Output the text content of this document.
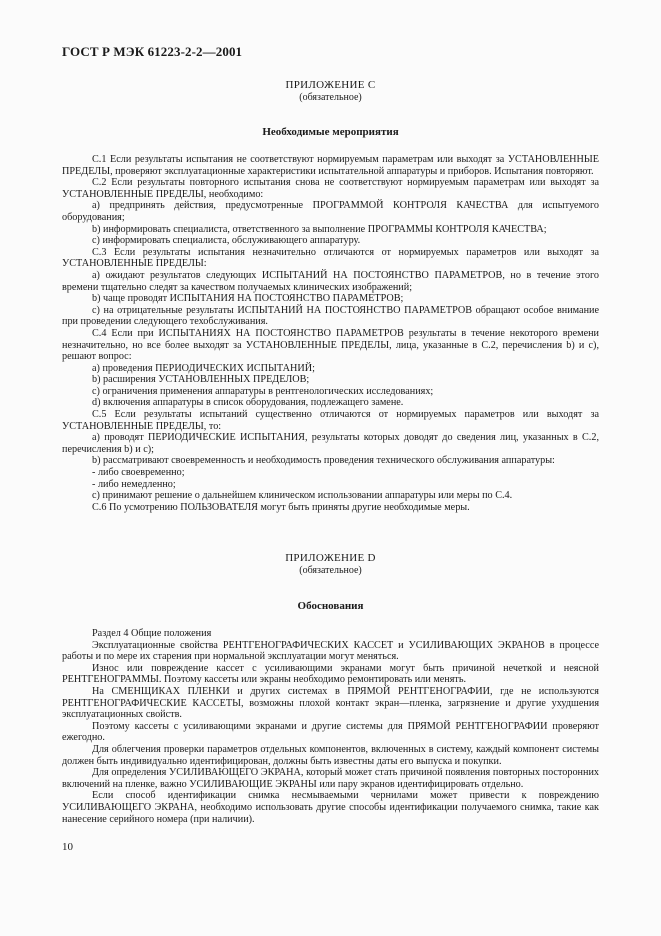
ГОСТ Р МЭК 61223-2-2—2001
ПРИЛОЖЕНИЕ С
(обязательное)
Необходимые мероприятия

С.1 Если результаты испытания не соответствуют нормируемым параметрам или выходят за УСТАНОВЛЕННЫЕ ПРЕДЕЛЫ, проверяют эксплуатационные характеристики испытательной аппаратуры и приборов. Испытания повторяют.

С.2 Если результаты повторного испытания снова не соответствуют нормируемым параметрам или выходят за УСТАНОВЛЕННЫЕ ПРЕДЕЛЫ, необходимо:

а) предпринять действия, предусмотренные ПРОГРАММОЙ КОНТРОЛЯ КАЧЕСТВА для испытуемого оборудования;

b) информировать специалиста, ответственного за выполнение ПРОГРАММЫ КОНТРОЛЯ КАЧЕСТВА;

с) информировать специалиста, обслуживающего аппаратуру.

С.3 Если результаты испытания незначительно отличаются от нормируемых параметров или выходят за УСТАНОВЛЕННЫЕ ПРЕДЕЛЫ:

а) ожидают результатов следующих ИСПЫТАНИЙ НА ПОСТОЯНСТВО ПАРАМЕТРОВ, но в течение этого времени тщательно следят за качеством получаемых клинических изображений;

b) чаще проводят ИСПЫТАНИЯ НА ПОСТОЯНСТВО ПАРАМЕТРОВ;

с) на отрицательные результаты ИСПЫТАНИЙ НА ПОСТОЯНСТВО ПАРАМЕТРОВ обращают особое внимание при проведении следующего техобслуживания.

С.4 Если при ИСПЫТАНИЯХ НА ПОСТОЯНСТВО ПАРАМЕТРОВ результаты в течение некоторого времени незначительно, но все более выходят за УСТАНОВЛЕННЫЕ ПРЕДЕЛЫ, лица, указанные в С.2, перечисления b) и с), решают вопрос:

а) проведения ПЕРИОДИЧЕСКИХ ИСПЫТАНИЙ;

b) расширения УСТАНОВЛЕННЫХ ПРЕДЕЛОВ;

с) ограничения применения аппаратуры в рентгенологических исследованиях;

d) включения аппаратуры в список оборудования, подлежащего замене.

С.5 Если результаты испытаний существенно отличаются от нормируемых параметров или выходят за УСТАНОВЛЕННЫЕ ПРЕДЕЛЫ, то:

а) проводят ПЕРИОДИЧЕСКИЕ ИСПЫТАНИЯ, результаты которых доводят до сведения лиц, указанных в С.2, перечисления b) и с);

b) рассматривают своевременность и необходимость проведения технического обслуживания аппаратуры:

- либо своевременно;

- либо немедленно;

с) принимают решение о дальнейшем клиническом использовании аппаратуры или меры по С.4.

С.6 По усмотрению ПОЛЬЗОВАТЕЛЯ могут быть приняты другие необходимые меры.

ПРИЛОЖЕНИЕ D
(обязательное)
Обоснования

Раздел 4 Общие положения

Эксплуатационные свойства РЕНТГЕНОГРАФИЧЕСКИХ КАССЕТ и УСИЛИВАЮЩИХ ЭКРАНОВ в процессе работы и по мере их старения при нормальной эксплуатации могут меняться.

Износ или повреждение кассет с усиливающими экранами могут быть причиной нечеткой и неясной РЕНТГЕНОГРАММЫ. Поэтому кассеты или экраны необходимо ремонтировать или менять.

На СМЕНЩИКАХ ПЛЕНКИ и других системах в ПРЯМОЙ РЕНТГЕНОГРАФИИ, где не используются РЕНТГЕНОГРАФИЧЕСКИЕ КАССЕТЫ, возможны плохой контакт экран—пленка, загрязнение и другие ухудшения эксплуатационных свойств.

Поэтому кассеты с усиливающими экранами и другие системы для ПРЯМОЙ РЕНТГЕНОГРАФИИ проверяют ежегодно.

Для облегчения проверки параметров отдельных компонентов, включенных в систему, каждый компонент системы должен быть индивидуально идентифицирован, должны быть известны даты его выпуска и покупки.

Для определения УСИЛИВАЮЩЕГО ЭКРАНА, который может стать причиной появления повторных посторонних включений на пленке, важно УСИЛИВАЮЩИЕ ЭКРАНЫ или пару экранов идентифицировать отдельно.

Если способ идентификации снимка несмываемыми чернилами может привести к повреждению УСИЛИВАЮЩЕГО ЭКРАНА, необходимо использовать другие способы идентификации получаемого снимка, такие как нанесение серийного номера (при наличии).

10
